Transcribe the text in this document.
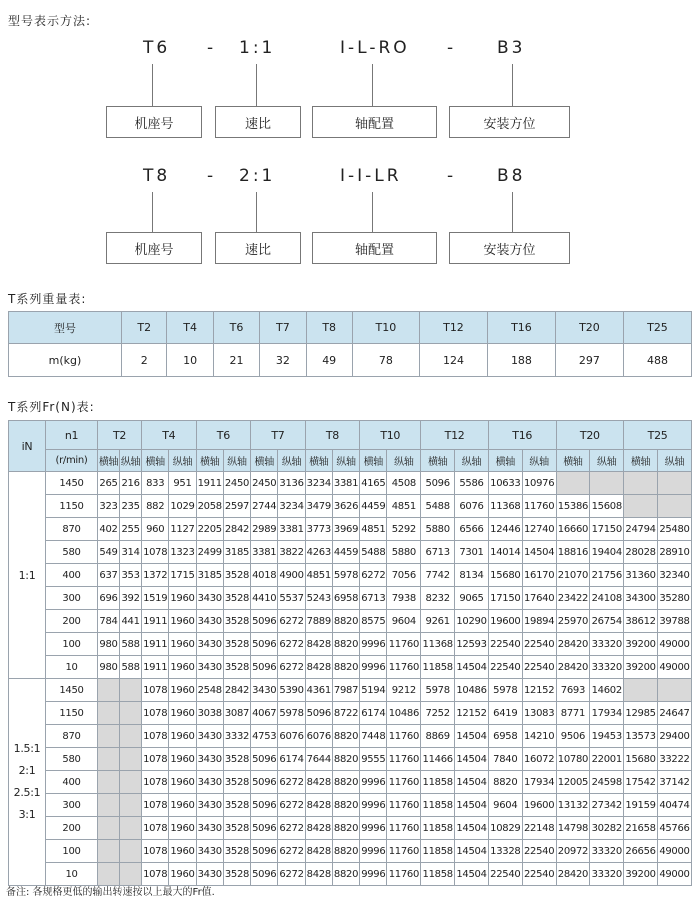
型号表示方法:
T6 - 1:1	I-L-RO - B3
机座号	速比	轴配置	安装方位
T8 - 2:1	I-I-LR	- B8
机座号	速比	轴配置	安装方位
T系列重量表:
型号	T2	T4	T6	T7	T8	T10	T12	T16	T20	T25
m(kg)	2	10	21	32	49	78	124	188	297	488
T系列Fr(N)表:
iN	n1	T2		T4		T6		T7		T8		T10		T12		T16		T20		T25	
	(r/min)	横轴	纵轴	横轴	纵轴	横轴	纵轴	横轴	纵轴	横轴	纵轴	横轴	纵轴	横轴	纵轴	横轴	纵轴	横轴	纵轴	横轴	纵轴
1:1	1450	265	216	833	951	1911	2450	2450	3136	3234	3381	4165	4508	5096	5586	10633	10976				
	1150	323	235	882	1029	2058	2597	2744	3234	3479	3626	4459	4851	5488	6076	11368	11760	15386	15608		
	870	402	255	960	1127	2205	2842	2989	3381	3773	3969	4851	5292	5880	6566	12446	12740	16660	17150	24794	25480
	580	549	314	1078	1323	2499	3185	3381	3822	4263	4459	5488	5880	6713	7301	14014	14504	18816	19404	28028	28910
	400	637	353	1372	1715	3185	3528	4018	4900	4851	5978	6272	7056	7742	8134	15680	16170	21070	21756	31360	32340
	300	696	392	1519	1960	3430	3528	4410	5537	5243	6958	6713	7938	8232	9065	17150	17640	23422	24108	34300	35280
	200	784	441	1911	1960	3430	3528	5096	6272	7889	8820	8575	9604	9261	10290	19600	19894	25970	26754	38612	39788
	100	980	588	1911	1960	3430	3528	5096	6272	8428	8820	9996	11760	11368	12593	22540	22540	28420	33320	39200	49000
	10	980	588	1911	1960	3430	3528	5096	6272	8428	8820	9996	11760	11858	14504	22540	22540	28420	33320	39200	49000

1.5:1
2:1
2.5:1
3:1	1450			1078	1960	2548	2842	3430	5390	4361	7987	5194	9212	5978	10486	5978	12152	7693	14602		
	1150			1078	1960	3038	3087	4067	5978	5096	8722	6174	10486	7252	12152	6419	13083	8771	17934	12985	24647
	870			1078	1960	3430	3332	4753	6076	6076	8820	7448	11760	8869	14504	6958	14210	9506	19453	13573	29400
	580			1078	1960	3430	3528	5096	6174	7644	8820	9555	11760	11466	14504	7840	16072	10780	22001	15680	33222
	400			1078	1960	3430	3528	5096	6272	8428	8820	9996	11760	11858	14504	8820	17934	12005	24598	17542	37142
	300			1078	1960	3430	3528	5096	6272	8428	8820	9996	11760	11858	14504	9604	19600	13132	27342	19159	40474
	200			1078	1960	3430	3528	5096	6272	8428	8820	9996	11760	11858	14504	10829	22148	14798	30282	21658	45766
	100			1078	1960	3430	3528	5096	6272	8428	8820	9996	11760	11858	14504	13328	22540	20972	33320	26656	49000
	10			1078	1960	3430	3528	5096	6272	8428	8820	9996	11760	11858	14504	22540	22540	28420	33320	39200	49000
备注: 各规格更低的输出转速按以上最大的Fr值.
